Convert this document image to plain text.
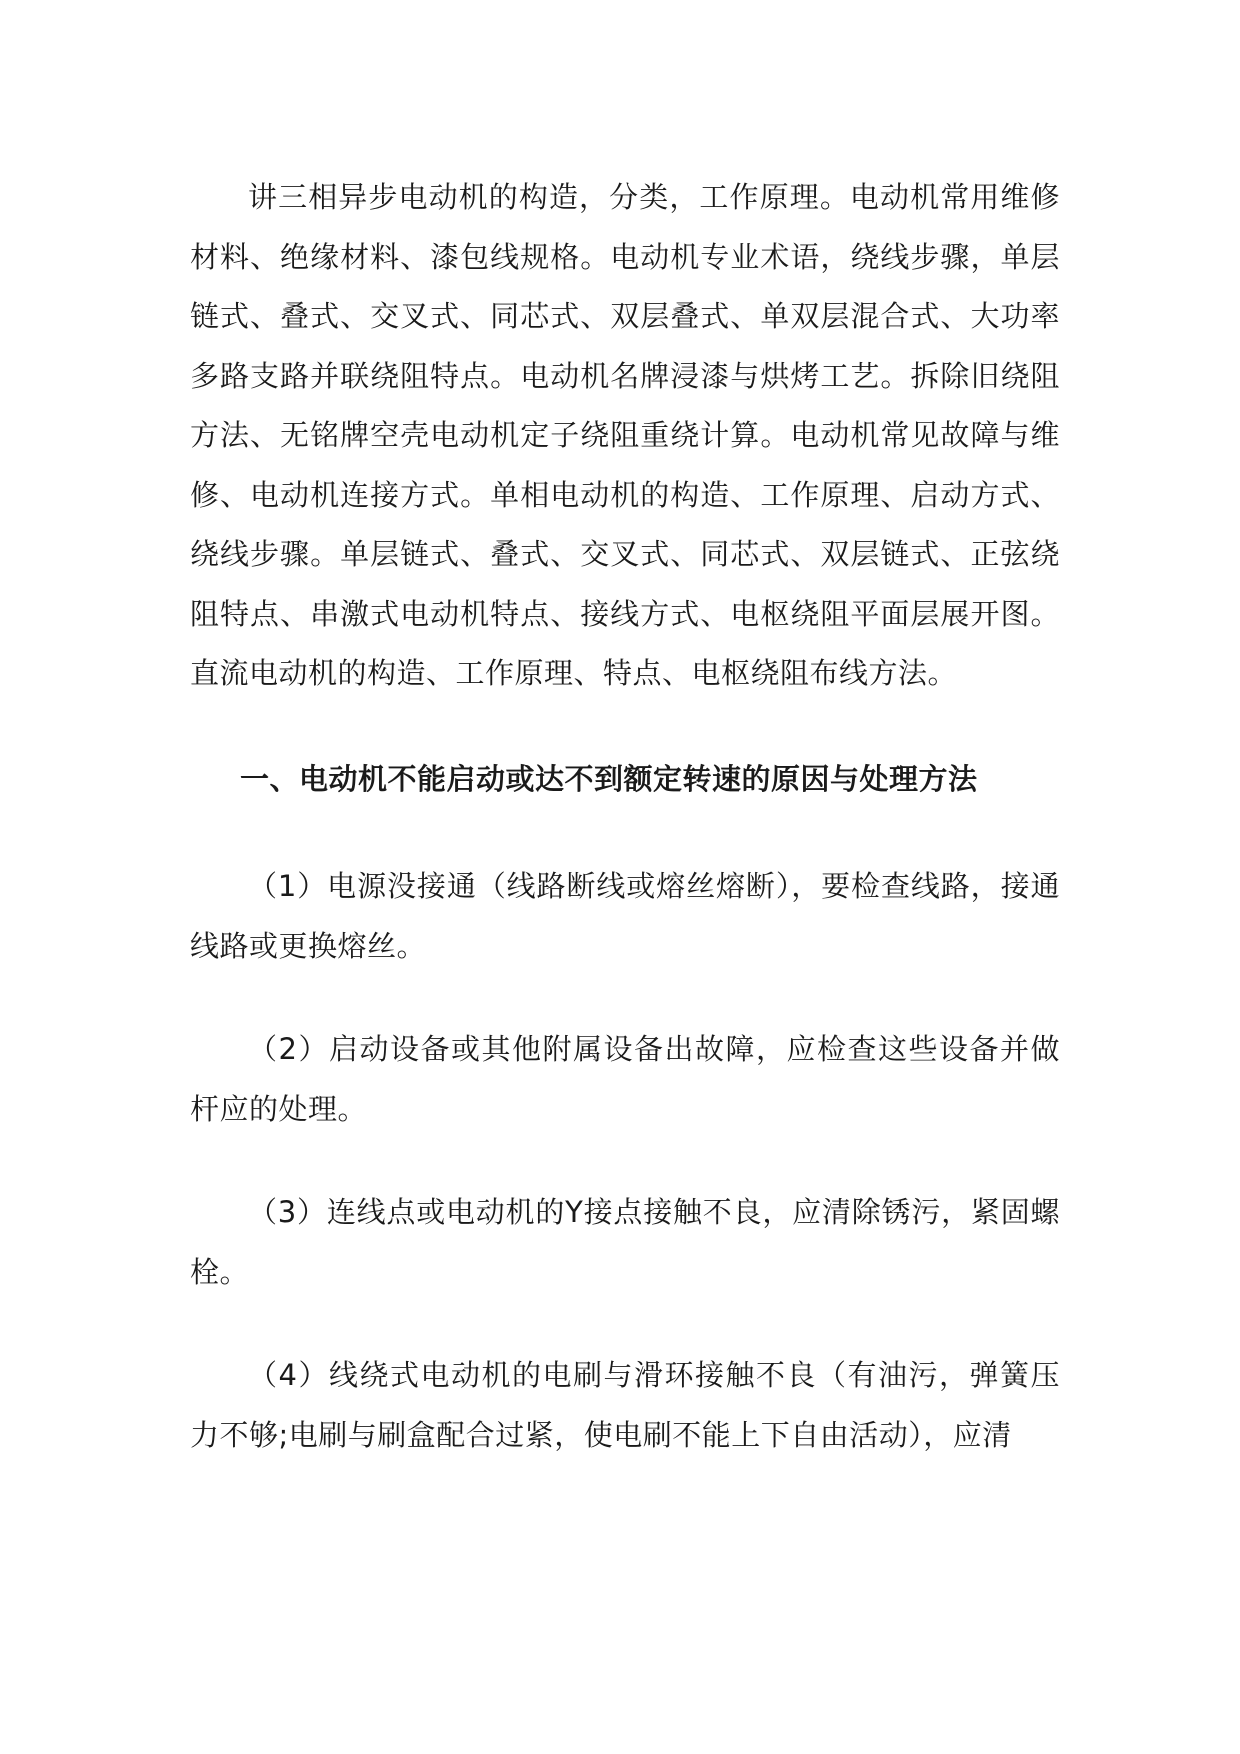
讲三相异步电动机的构造，分类，工作原理。电动机常用维修材料、绝缘材料、漆包线规格。电动机专业术语，绕线步骤，单层链式、叠式、交叉式、同芯式、双层叠式、单双层混合式、大功率多路支路并联绕阻特点。电动机名牌浸漆与烘烤工艺。拆除旧绕阻方法、无铭牌空壳电动机定子绕阻重绕计算。电动机常见故障与维修、电动机连接方式。单相电动机的构造、工作原理、启动方式、绕线步骤。单层链式、叠式、交叉式、同芯式、双层链式、正弦绕阻特点、串激式电动机特点、接线方式、电枢绕阻平面层展开图。直流电动机的构造、工作原理、特点、电枢绕阻布线方法。

一、电动机不能启动或达不到额定转速的原因与处理方法

（1）电源没接通（线路断线或熔丝熔断），要检查线路，接通线路或更换熔丝。

（2）启动设备或其他附属设备出故障，应检查这些设备并做杆应的处理。

（3）连线点或电动机的Y接点接触不良，应清除锈污，紧固螺栓。

（4）线绕式电动机的电刷与滑环接触不良（有油污，弹簧压力不够;电刷与刷盒配合过紧，使电刷不能上下自由活动），应清
